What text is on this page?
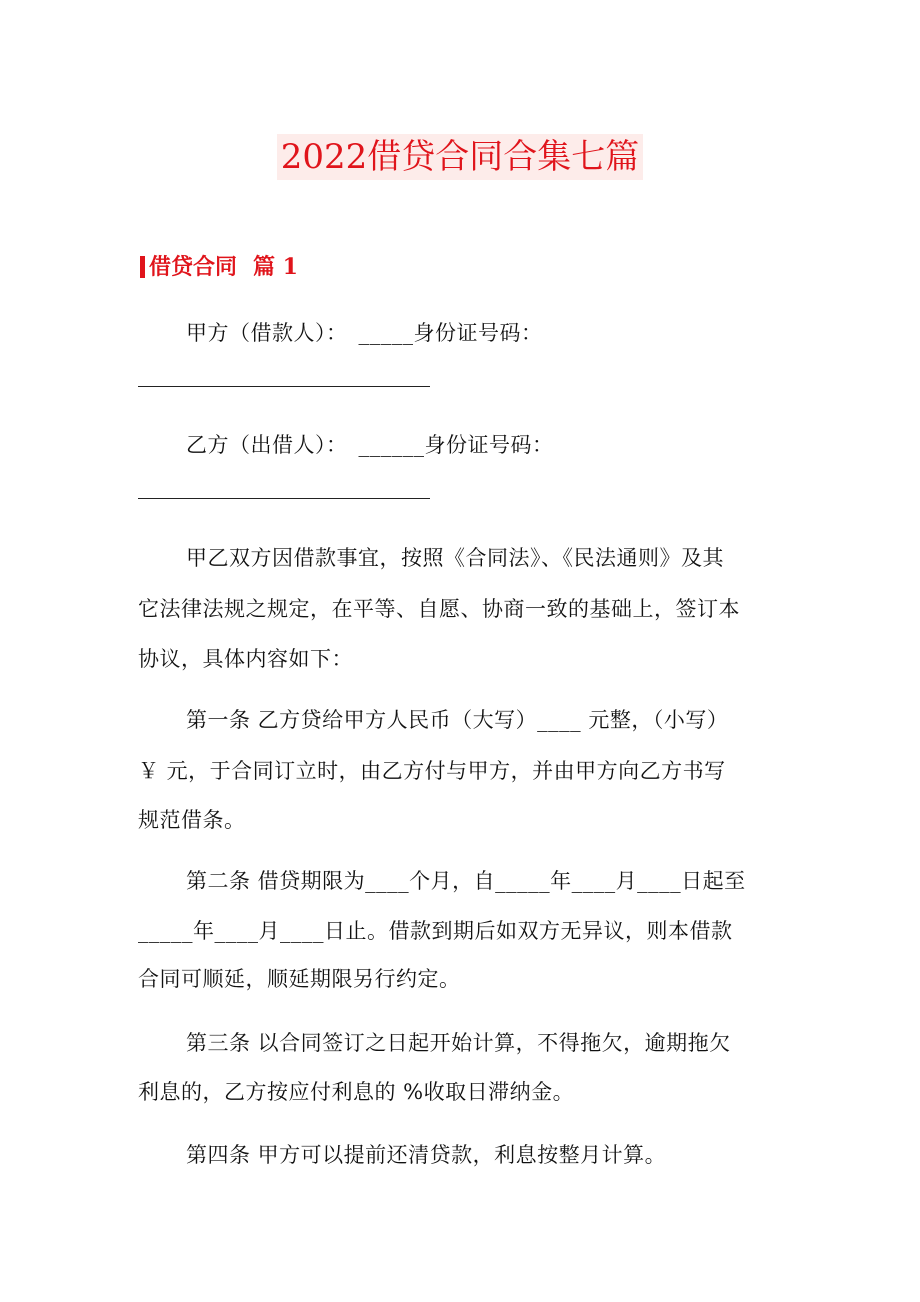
2022借贷合同合集七篇
借贷合同 篇 1
甲方（借款人）：　_____身份证号码：
乙方（出借人）：　______身份证号码：
甲乙双方因借款事宜，按照《合同法》、《民法通则》及其
它法律法规之规定，在平等、自愿、协商一致的基础上，签订本
协议，具体内容如下：
第一条 乙方贷给甲方人民币（大写）____ 元整，（小写）
￥ 元，于合同订立时，由乙方付与甲方，并由甲方向乙方书写
规范借条。
第二条 借贷期限为____个月，自_____年____月____日起至
_____年____月____日止。借款到期后如双方无异议，则本借款
合同可顺延，顺延期限另行约定。
第三条 以合同签订之日起开始计算，不得拖欠，逾期拖欠
利息的，乙方按应付利息的 %收取日滞纳金。
第四条 甲方可以提前还清贷款，利息按整月计算。
